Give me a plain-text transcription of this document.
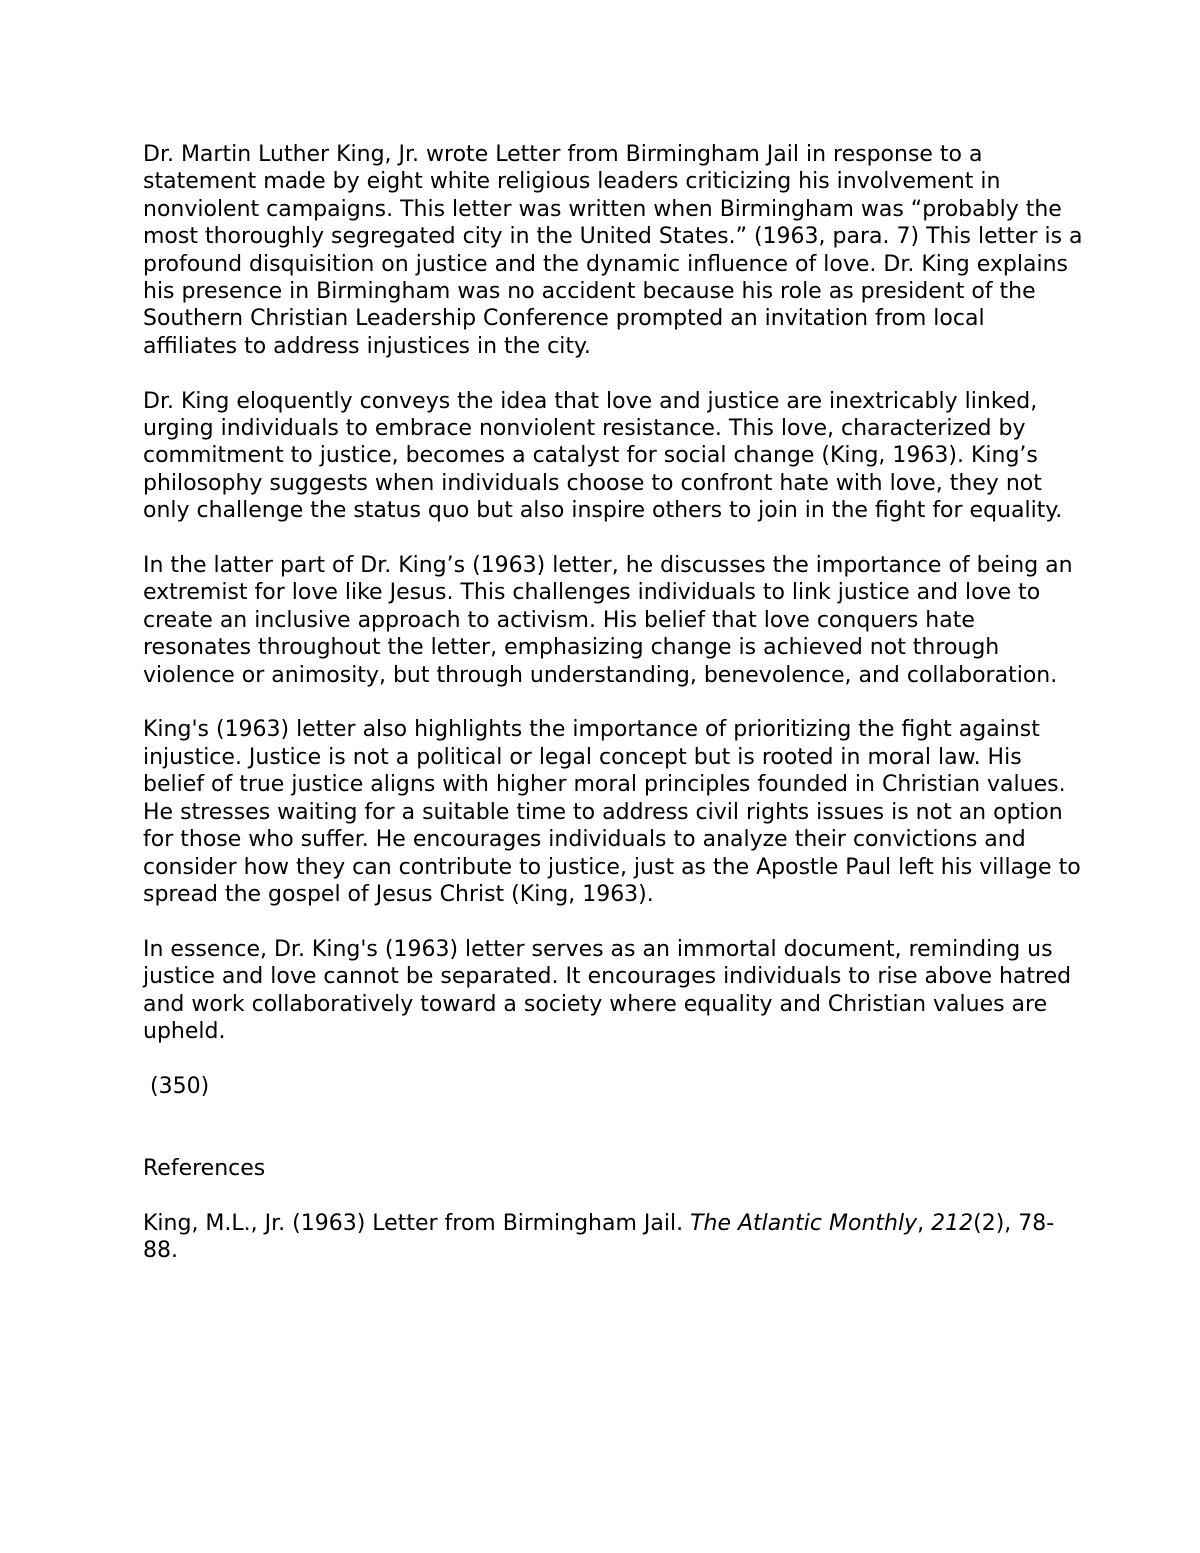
Dr. Martin Luther King, Jr. wrote Letter from Birmingham Jail in response to a statement made by eight white religious leaders criticizing his involvement in nonviolent campaigns. This letter was written when Birmingham was “probably the most thoroughly segregated city in the United States.” (1963, para. 7) This letter is a profound disquisition on justice and the dynamic influence of love. Dr. King explains his presence in Birmingham was no accident because his role as president of the Southern Christian Leadership Conference prompted an invitation from local affiliates to address injustices in the city.

Dr. King eloquently conveys the idea that love and justice are inextricably linked, urging individuals to embrace nonviolent resistance. This love, characterized by commitment to justice, becomes a catalyst for social change (King, 1963). King’s philosophy suggests when individuals choose to confront hate with love, they not only challenge the status quo but also inspire others to join in the fight for equality.

In the latter part of Dr. King’s (1963) letter, he discusses the importance of being an extremist for love like Jesus. This challenges individuals to link justice and love to create an inclusive approach to activism. His belief that love conquers hate resonates throughout the letter, emphasizing change is achieved not through violence or animosity, but through understanding, benevolence, and collaboration.

King's (1963) letter also highlights the importance of prioritizing the fight against injustice. Justice is not a political or legal concept but is rooted in moral law. His belief of true justice aligns with higher moral principles founded in Christian values. He stresses waiting for a suitable time to address civil rights issues is not an option for those who suffer. He encourages individuals to analyze their convictions and consider how they can contribute to justice, just as the Apostle Paul left his village to spread the gospel of Jesus Christ (King, 1963).

In essence, Dr. King's (1963) letter serves as an immortal document, reminding us justice and love cannot be separated. It encourages individuals to rise above hatred and work collaboratively toward a society where equality and Christian values are upheld.

(350)

References

King, M.L., Jr. (1963) Letter from Birmingham Jail. The Atlantic Monthly, 212(2), 78-88.
